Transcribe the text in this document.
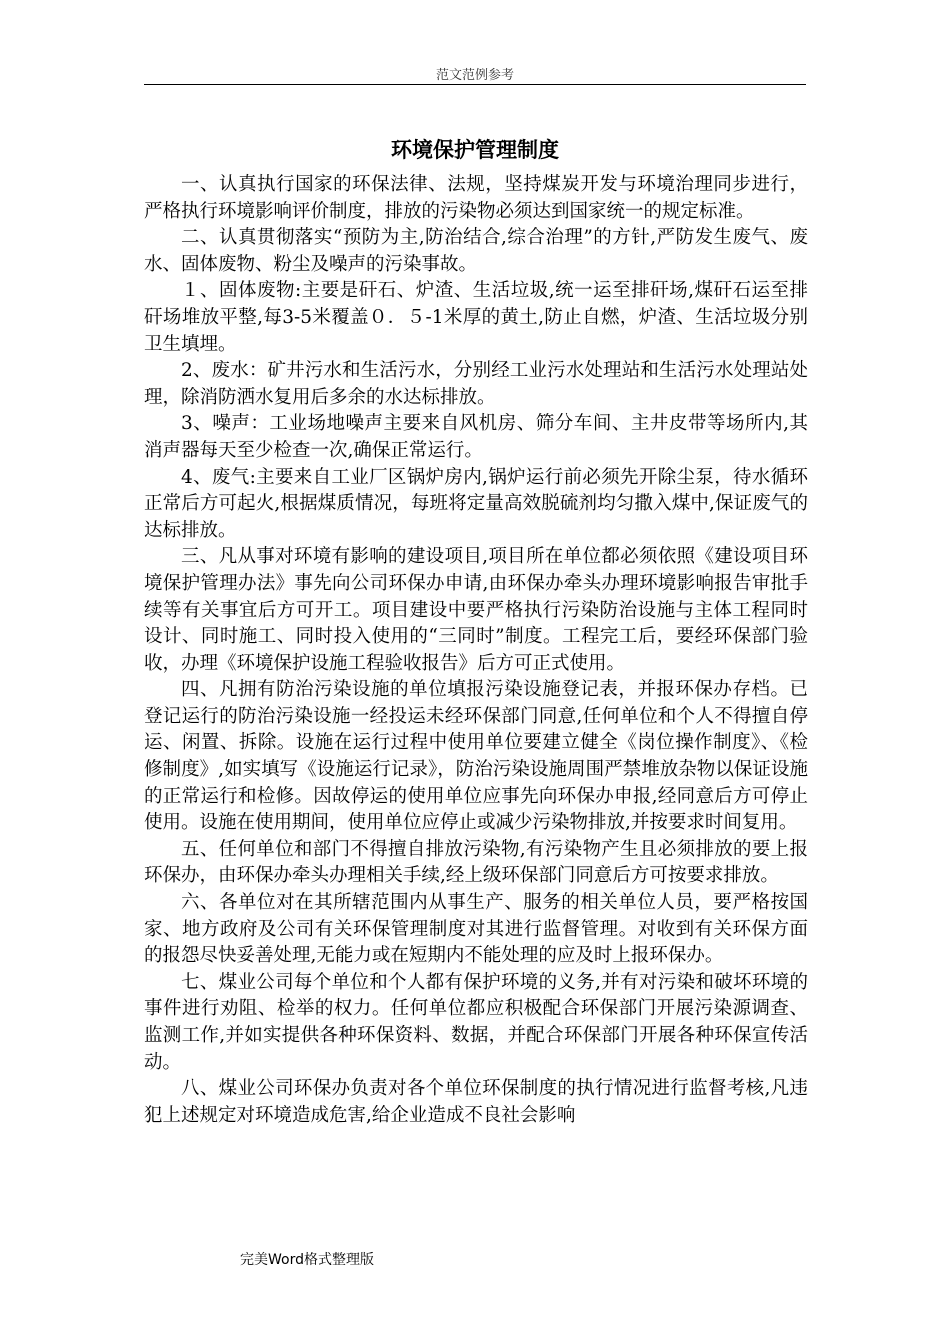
范文范例参考
环境保护管理制度

一、认真执行国家的环保法律、法规，坚持煤炭开发与环境治理同步进行，严格执行环境影响评价制度，排放的污染物必须达到国家统一的规定标准。

二、认真贯彻落实“预防为主,防治结合,综合治理”的方针,严防发生废气、废水、固体废物、粉尘及噪声的污染事故。

１、固体废物:主要是矸石、炉渣、生活垃圾,统一运至排矸场,煤矸石运至排矸场堆放平整,每3-5米覆盖０．５-1米厚的黄土,防止自燃，炉渣、生活垃圾分别卫生填埋。

2、废水：矿井污水和生活污水，分别经工业污水处理站和生活污水处理站处理，除消防洒水复用后多余的水达标排放。

3、噪声：工业场地噪声主要来自风机房、筛分车间、主井皮带等场所内,其消声器每天至少检查一次,确保正常运行。

4、废气:主要来自工业厂区锅炉房内,锅炉运行前必须先开除尘泵，待水循环正常后方可起火,根据煤质情况，每班将定量高效脱硫剂均匀撒入煤中,保证废气的达标排放。

三、凡从事对环境有影响的建设项目,项目所在单位都必须依照《建设项目环境保护管理办法》事先向公司环保办申请,由环保办牵头办理环境影响报告审批手续等有关事宜后方可开工。项目建设中要严格执行污染防治设施与主体工程同时设计、同时施工、同时投入使用的“三同时”制度。工程完工后，要经环保部门验收，办理《环境保护设施工程验收报告》后方可正式使用。

四、凡拥有防治污染设施的单位填报污染设施登记表，并报环保办存档。已登记运行的防治污染设施一经投运未经环保部门同意,任何单位和个人不得擅自停运、闲置、拆除。设施在运行过程中使用单位要建立健全《岗位操作制度》、《检修制度》,如实填写《设施运行记录》，防治污染设施周围严禁堆放杂物以保证设施的正常运行和检修。因故停运的使用单位应事先向环保办申报,经同意后方可停止使用。设施在使用期间，使用单位应停止或减少污染物排放,并按要求时间复用。

五、任何单位和部门不得擅自排放污染物,有污染物产生且必须排放的要上报环保办，由环保办牵头办理相关手续,经上级环保部门同意后方可按要求排放。

六、各单位对在其所辖范围内从事生产、服务的相关单位人员，要严格按国家、地方政府及公司有关环保管理制度对其进行监督管理。对收到有关环保方面的报怨尽快妥善处理,无能力或在短期内不能处理的应及时上报环保办。

七、煤业公司每个单位和个人都有保护环境的义务,并有对污染和破坏环境的事件进行劝阻、检举的权力。任何单位都应积极配合环保部门开展污染源调查、监测工作,并如实提供各种环保资料、数据，并配合环保部门开展各种环保宣传活动。

八、煤业公司环保办负责对各个单位环保制度的执行情况进行监督考核,凡违犯上述规定对环境造成危害,给企业造成不良社会影响

完美Word格式整理版
